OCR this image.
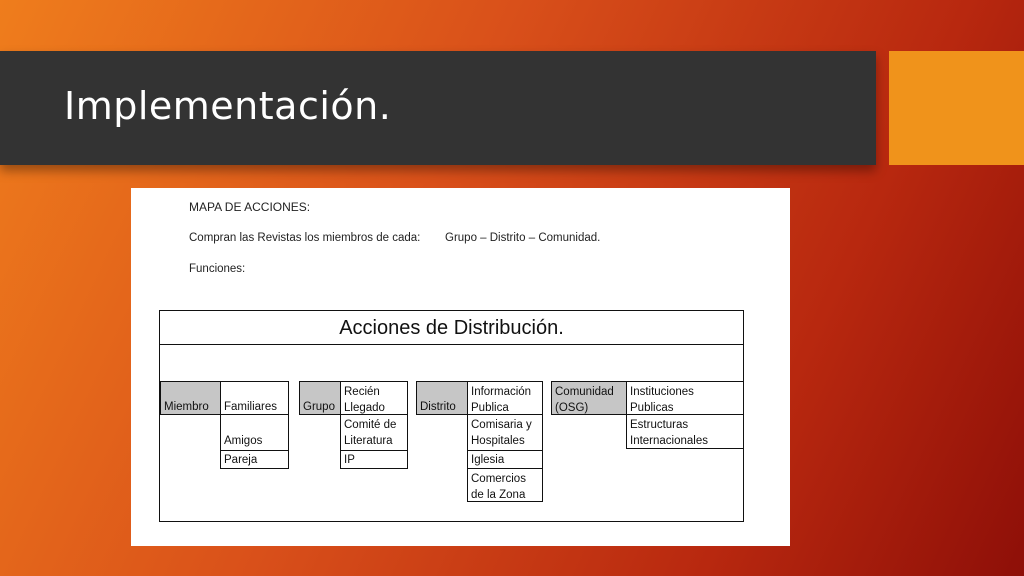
Implementación.
MAPA DE ACCIONES:
Compran las Revistas los miembros de cada: Grupo – Distrito – Comunidad.
Funciones:
Acciones de Distribución.
Miembro	Familiares
Amigos
Pareja
Grupo
Recién Llegado
Comité de Literatura
IP
Distrito
Información Publica
Comisaria y Hospitales
Iglesia
Comercios de la Zona
Comunidad (OSG)
Instituciones Publicas
Estructuras Internacionales
